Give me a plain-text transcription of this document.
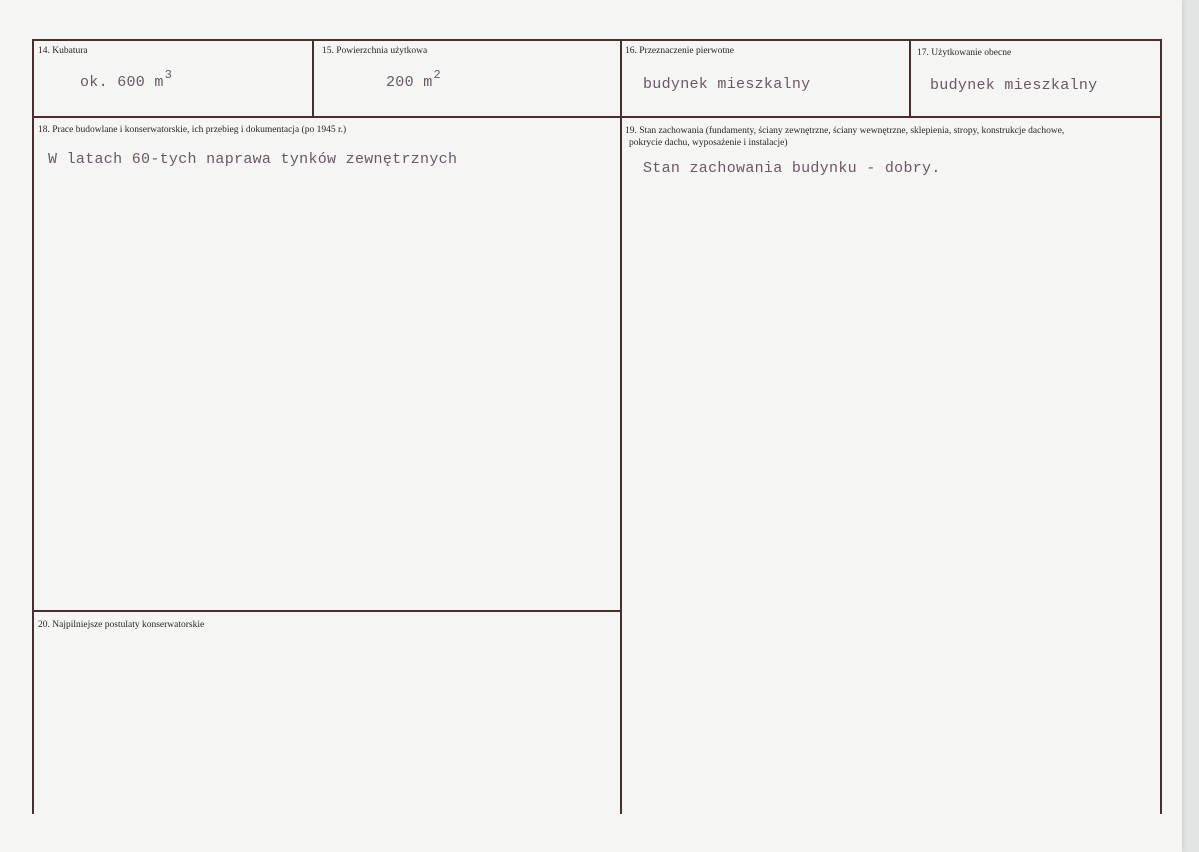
14. Kubatura
ok. 600 $m^3$
15. Powierzchnia użytkowa
200 $m^2$
16. Przeznaczenie pierwotne
budynek mieszkalny
17. Użytkowanie obecne
budynek mieszkalny
18. Prace budowlane i konserwatorskie, ich przebieg i dokumentacja (po 1945 r.)
W latach 60-tych naprawa tynków zewnętrznych
19. Stan zachowania (fundamenty, ściany zewnętrzne, ściany wewnętrzne, sklepienia, stropy, konstrukcje dachowe,
pokrycie dachu, wyposażenie i instalacje)
Stan zachowania budynku - dobry.
20. Najpilniejsze postulaty konserwatorskie
